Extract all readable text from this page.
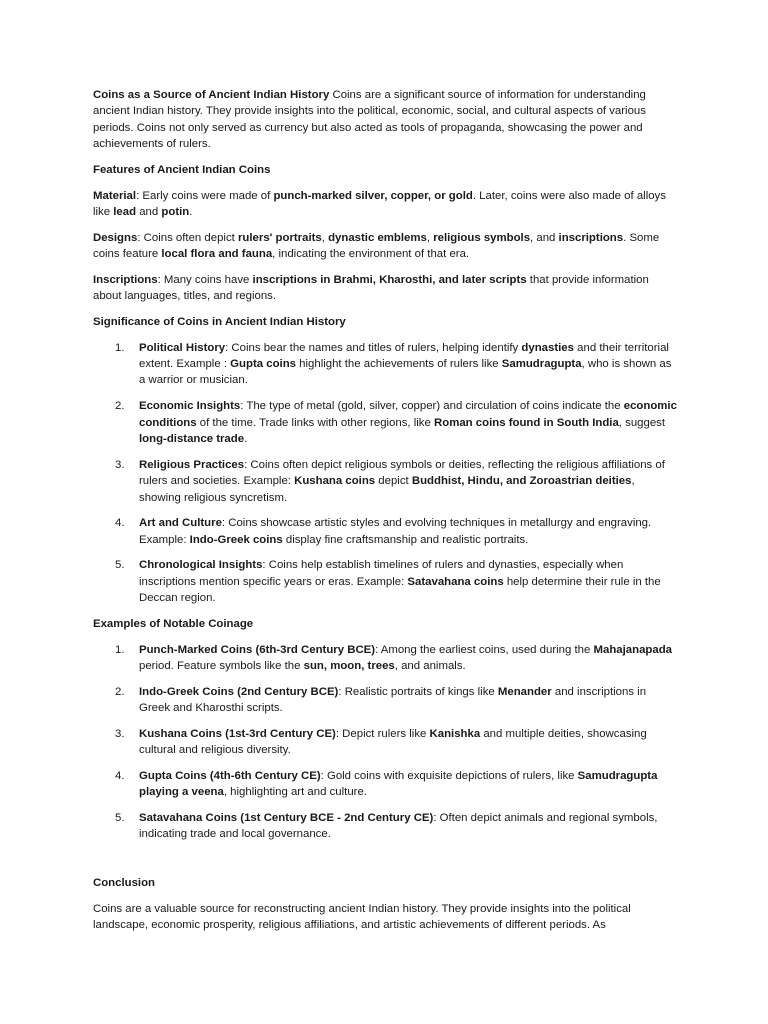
Coins as a Source of Ancient Indian History Coins are a significant source of information for understanding ancient Indian history. They provide insights into the political, economic, social, and cultural aspects of various periods. Coins not only served as currency but also acted as tools of propaganda, showcasing the power and achievements of rulers.

Features of Ancient Indian Coins

Material: Early coins were made of punch-marked silver, copper, or gold. Later, coins were also made of alloys like lead and potin.

Designs: Coins often depict rulers' portraits, dynastic emblems, religious symbols, and inscriptions. Some coins feature local flora and fauna, indicating the environment of that era.

Inscriptions: Many coins have inscriptions in Brahmi, Kharosthi, and later scripts that provide information about languages, titles, and regions.

Significance of Coins in Ancient Indian History

1. Political History: Coins bear the names and titles of rulers, helping identify dynasties and their territorial extent. Example : Gupta coins highlight the achievements of rulers like Samudragupta, who is shown as a warrior or musician.
2. Economic Insights: The type of metal (gold, silver, copper) and circulation of coins indicate the economic conditions of the time. Trade links with other regions, like Roman coins found in South India, suggest long-distance trade.
3. Religious Practices: Coins often depict religious symbols or deities, reflecting the religious affiliations of rulers and societies. Example: Kushana coins depict Buddhist, Hindu, and Zoroastrian deities, showing religious syncretism.
4. Art and Culture: Coins showcase artistic styles and evolving techniques in metallurgy and engraving. Example: Indo-Greek coins display fine craftsmanship and realistic portraits.
5. Chronological Insights: Coins help establish timelines of rulers and dynasties, especially when inscriptions mention specific years or eras. Example: Satavahana coins help determine their rule in the Deccan region.

Examples of Notable Coinage

1. Punch-Marked Coins (6th-3rd Century BCE): Among the earliest coins, used during the Mahajanapada period. Feature symbols like the sun, moon, trees, and animals.
2. Indo-Greek Coins (2nd Century BCE): Realistic portraits of kings like Menander and inscriptions in Greek and Kharosthi scripts.
3. Kushana Coins (1st-3rd Century CE): Depict rulers like Kanishka and multiple deities, showcasing cultural and religious diversity.
4. Gupta Coins (4th-6th Century CE): Gold coins with exquisite depictions of rulers, like Samudragupta playing a veena, highlighting art and culture.
5. Satavahana Coins (1st Century BCE - 2nd Century CE): Often depict animals and regional symbols, indicating trade and local governance.

Conclusion

Coins are a valuable source for reconstructing ancient Indian history. They provide insights into the political landscape, economic prosperity, religious affiliations, and artistic achievements of different periods. As
